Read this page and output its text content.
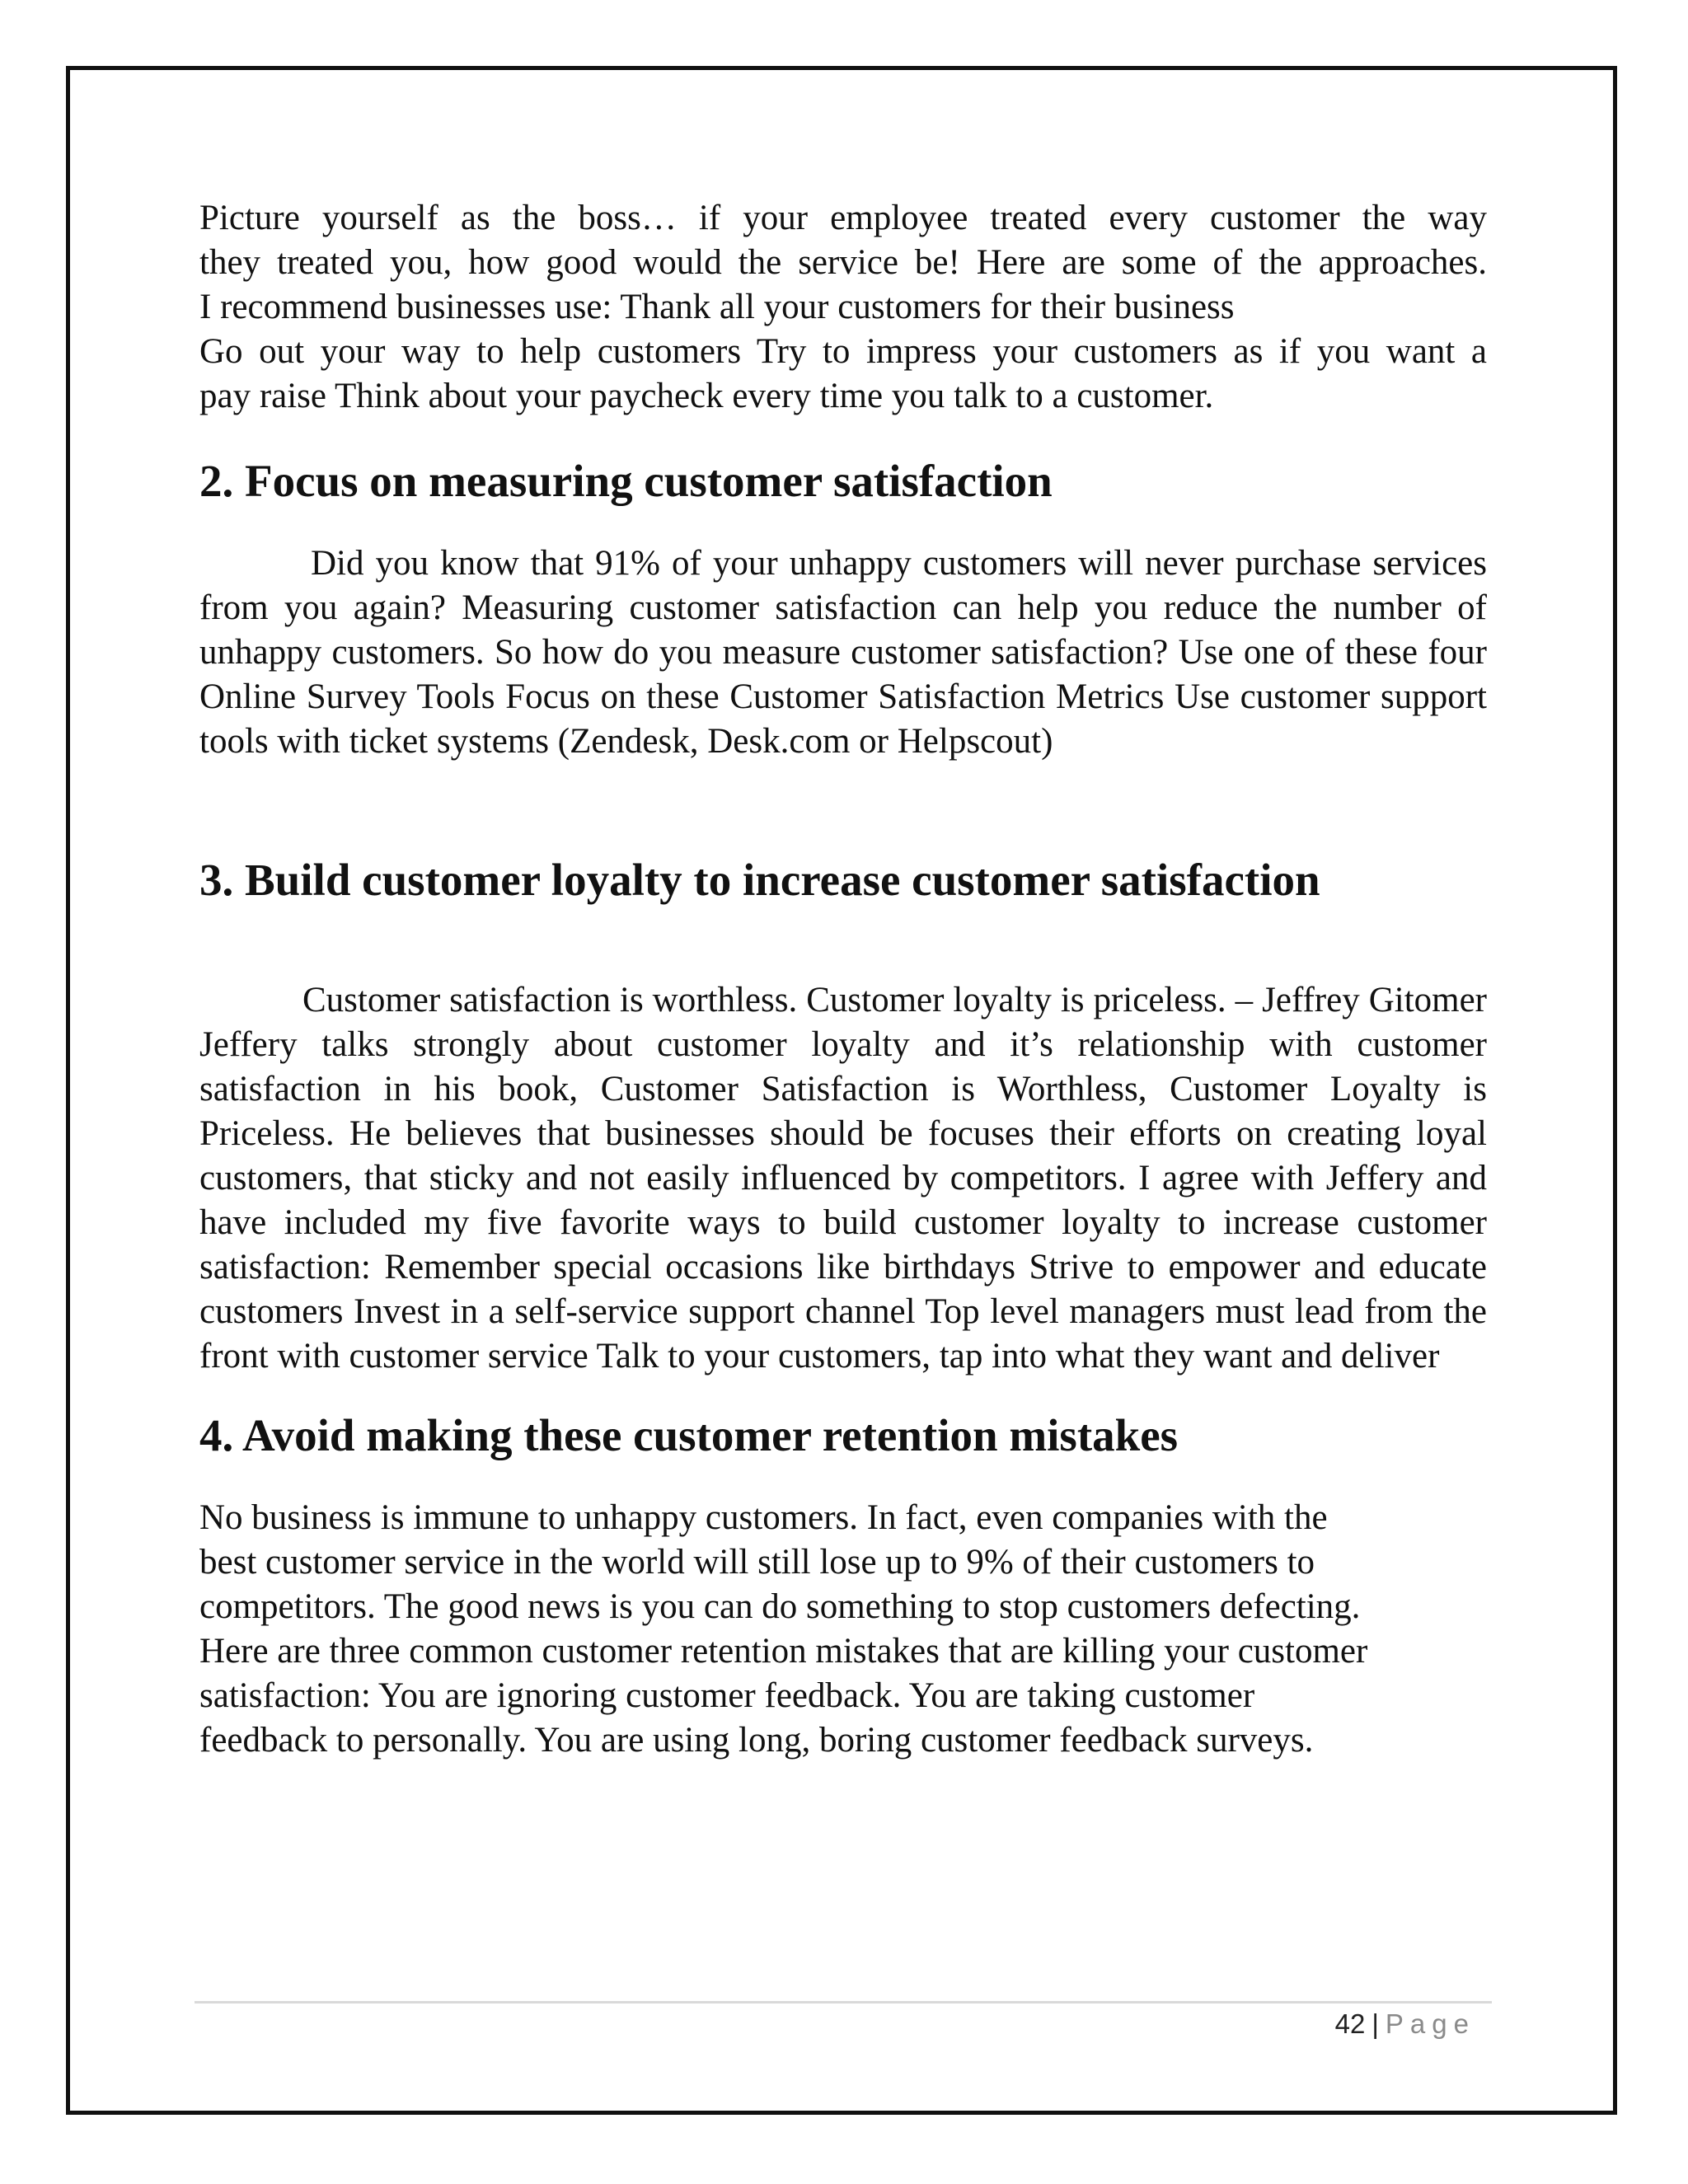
Picture yourself as the boss… if your employee treated every customer the way
they treated you, how good would the service be! Here are some of the approaches.
I recommend businesses use: Thank all your customers for their business
Go out your way to help customers Try to impress your customers as if you want a
pay raise Think about your paycheck every time you talk to a customer.

2. Focus on measuring customer satisfaction

Did you know that 91% of your unhappy customers will never purchase services from you again? Measuring customer satisfaction can help you reduce the number of unhappy customers. So how do you measure customer satisfaction? Use one of these four Online Survey Tools Focus on these Customer Satisfaction Metrics Use customer support tools with ticket systems (Zendesk, Desk.com or Helpscout)

3. Build customer loyalty to increase customer satisfaction

Customer satisfaction is worthless. Customer loyalty is priceless. – Jeffrey Gitomer Jeffery talks strongly about customer loyalty and it’s relationship with customer satisfaction in his book, Customer Satisfaction is Worthless, Customer Loyalty is Priceless. He believes that businesses should be focuses their efforts on creating loyal customers, that sticky and not easily influenced by competitors. I agree with Jeffery and have included my five favorite ways to build customer loyalty to increase customer satisfaction: Remember special occasions like birthdays Strive to empower and educate customers Invest in a self-service support channel Top level managers must lead from the front with customer service Talk to your customers, tap into what they want and deliver

4. Avoid making these customer retention mistakes

No business is immune to unhappy customers. In fact, even companies with the
best customer service in the world will still lose up to 9% of their customers to
competitors. The good news is you can do something to stop customers defecting.
Here are three common customer retention mistakes that are killing your customer
satisfaction: You are ignoring customer feedback. You are taking customer
feedback to personally. You are using long, boring customer feedback surveys.

42 | Page
